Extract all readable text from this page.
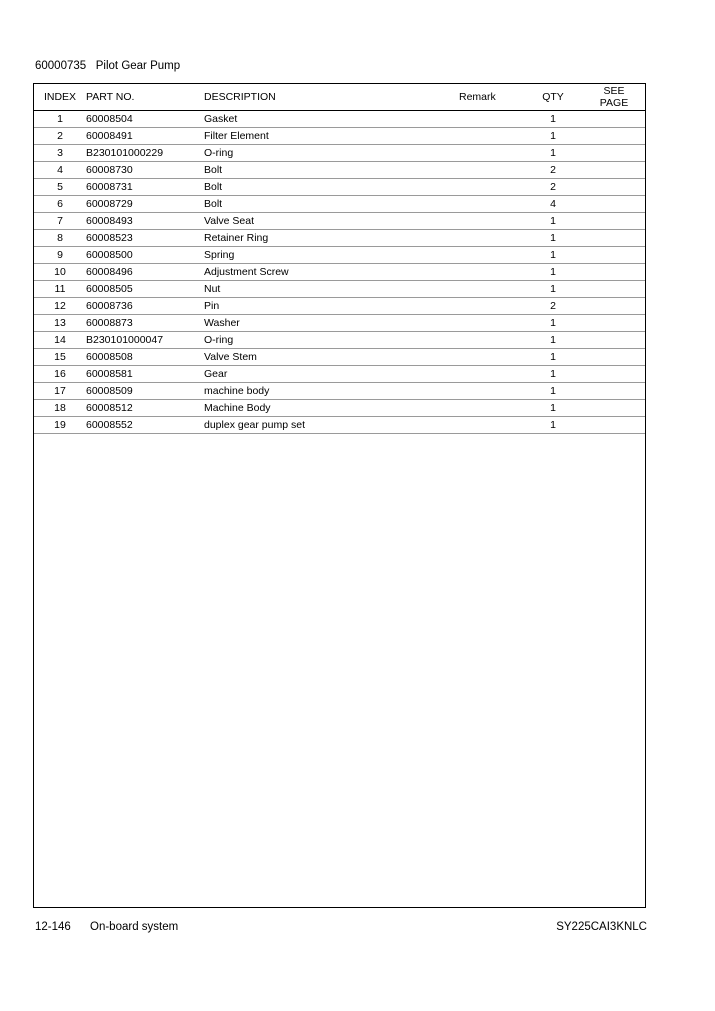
60000735   Pilot Gear Pump
INDEX	PART NO.	DESCRIPTION	Remark	QTY	SEE
PAGE
1	60008504	Gasket		1	
2	60008491	Filter Element		1	
3	B230101000229	O-ring		1	
4	60008730	Bolt		2	
5	60008731	Bolt		2	
6	60008729	Bolt		4	
7	60008493	Valve Seat		1	
8	60008523	Retainer Ring		1	
9	60008500	Spring		1	
10	60008496	Adjustment Screw		1	
11	60008505	Nut		1	
12	60008736	Pin		2	
13	60008873	Washer		1	
14	B230101000047	O-ring		1	
15	60008508	Valve Stem		1	
16	60008581	Gear		1	
17	60008509	machine body		1	
18	60008512	Machine Body		1	
19	60008552	duplex gear pump set		1	
12-146 On-board system	SY225CAI3KNLC
